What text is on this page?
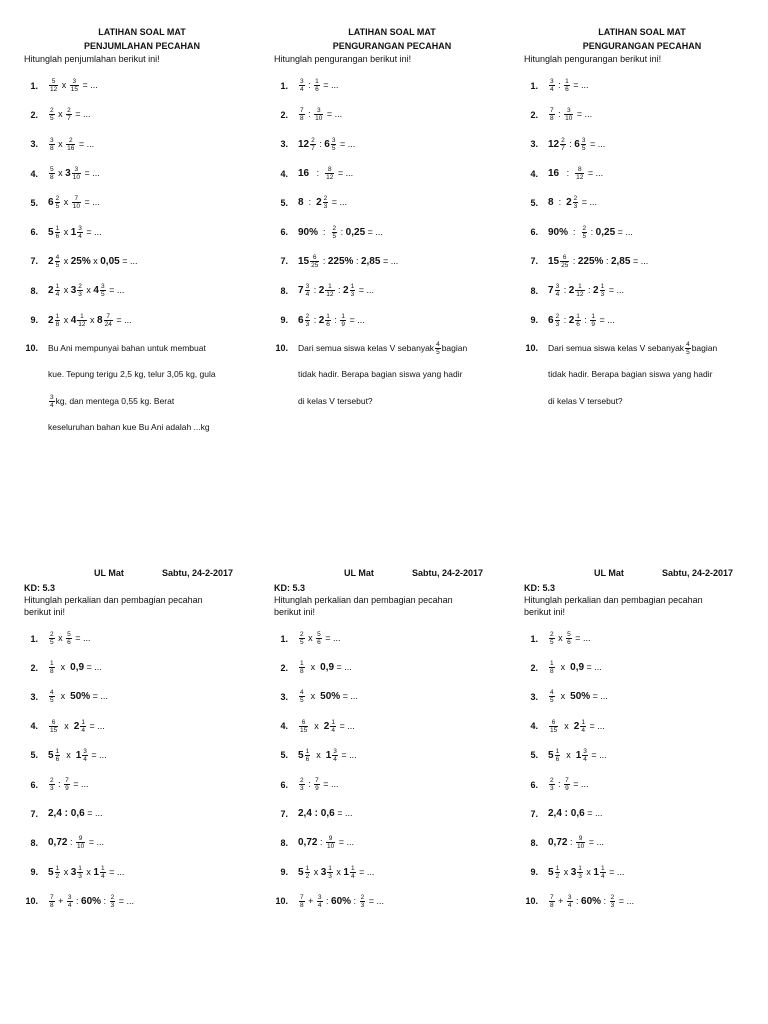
LATIHAN SOAL MAT
PENJUMLAHAN PECAHAN
Hitunglah penjumlahan berikut ini!
1.	$\frac{5}{12}$ x $\frac{3}{15}$ = ...
2.	$\frac{2}{5}$ x $\frac{2}{7}$ = ...
3.	$\frac{3}{8}$ x $\frac{2}{16}$ = ...
4.	$\frac{5}{8}$ x $3 \frac{3}{10}$ = ...
5.	$6 \frac{2}{5}$ x $\frac{7}{10}$ = ...
6.	$5 \frac{1}{6}$ x $1 \frac{3}{4}$ = ...
7.	$2 \frac{4}{5}$ x 25% x 0,05 = ...
8.	$2 \frac{1}{4}$ x $3 \frac{2}{3}$ x $4 \frac{3}{5}$ = ...
9.	$2 \frac{1}{8}$ x $4 \frac{1}{12}$ x $8 \frac{7}{24}$ = ...
10.	Bu Ani mempunyai bahan untuk membuat
kue. Tepung terigu 2,5 kg, telur 3,05 kg, gula
$\frac{3}{4}$ kg, dan mentega 0,55 kg. Berat
keseluruhan bahan kue Bu Ani adalah ...kg
LATIHAN SOAL MAT
PENGURANGAN PECAHAN
Hitunglah pengurangan berikut ini!
1.	$\frac{3}{4}$ : $\frac{1}{6}$ = ...
2.	$\frac{7}{8}$ : $\frac{3}{10}$ = ...
3.	$12 \frac{2}{7}$ : $6 \frac{3}{5}$ = ...
4.	16   : $\frac{8}{12}$ = ...
5.	8  :  $2 \frac{2}{3}$ = ...
6.	90%  : $\frac{2}{5}$ : 0,25 = ...
7.	$15 \frac{6}{25}$ : 225% : 2,85 = ...
8.	$7 \frac{3}{4}$ : $2 \frac{1}{12}$ : $2 \frac{1}{3}$ = ...
9.	$6 \frac{2}{3}$ : $2 \frac{1}{6}$ : $\frac{1}{9}$ = ...
10.	Dari semua siswa kelas V sebanyak $\frac{4}{5}$ bagian
tidak hadir. Berapa bagian siswa yang hadir
di kelas V tersebut?
LATIHAN SOAL MAT
PENGURANGAN PECAHAN
Hitunglah pengurangan berikut ini!
1.	$\frac{3}{4}$ : $\frac{1}{6}$ = ...
2.	$\frac{7}{8}$ : $\frac{3}{10}$ = ...
3.	$12 \frac{2}{7}$ : $6 \frac{3}{5}$ = ...
4.	16   : $\frac{8}{12}$ = ...
5.	8  :  $2 \frac{2}{3}$ = ...
6.	90%  : $\frac{2}{5}$ : 0,25 = ...
7.	$15 \frac{6}{25}$ : 225% : 2,85 = ...
8.	$7 \frac{3}{4}$ : $2 \frac{1}{12}$ : $2 \frac{1}{3}$ = ...
9.	$6 \frac{2}{3}$ : $2 \frac{1}{6}$ : $\frac{1}{9}$ = ...
10.	Dari semua siswa kelas V sebanyak $\frac{4}{5}$ bagian
tidak hadir. Berapa bagian siswa yang hadir
di kelas V tersebut?
UL Mat	Sabtu, 24-2-2017
KD: 5.3
Hitunglah perkalian dan pembagian pecahan berikut ini!
1.	$\frac{2}{5}$ x $\frac{5}{6}$ = ...
2.	$\frac{1}{8}$ x  0,9 = ...
3.	$\frac{4}{5}$ x  50% = ...
4.	$\frac{6}{15}$ x  $2 \frac{1}{4}$ = ...
5.	$5 \frac{1}{6}$ x  $1 \frac{3}{4}$ = ...
6.	$\frac{2}{3}$ : $\frac{7}{9}$ = ...
7.	2,4 : 0,6 = ...
8.	0,72 : $\frac{9}{10}$ = ...
9.	$5 \frac{1}{2}$ x $3 \frac{1}{3}$ x $1 \frac{1}{4}$ = ...
10.	$\frac{7}{8} + \frac{3}{4}$ : 60% : $\frac{2}{3}$ = ...
UL Mat	Sabtu, 24-2-2017
KD: 5.3
Hitunglah perkalian dan pembagian pecahan berikut ini!
1.	$\frac{2}{5}$ x $\frac{5}{6}$ = ...
2.	$\frac{1}{8}$ x  0,9 = ...
3.	$\frac{4}{5}$ x  50% = ...
4.	$\frac{6}{15}$ x  $2 \frac{1}{4}$ = ...
5.	$5 \frac{1}{6}$ x  $1 \frac{3}{4}$ = ...
6.	$\frac{2}{3}$ : $\frac{7}{9}$ = ...
7.	2,4 : 0,6 = ...
8.	0,72 : $\frac{9}{10}$ = ...
9.	$5 \frac{1}{2}$ x $3 \frac{1}{3}$ x $1 \frac{1}{4}$ = ...
10.	$\frac{7}{8} + \frac{3}{4}$ : 60% : $\frac{2}{3}$ = ...
UL Mat	Sabtu, 24-2-2017
KD: 5.3
Hitunglah perkalian dan pembagian pecahan berikut ini!
1.	$\frac{2}{5}$ x $\frac{5}{6}$ = ...
2.	$\frac{1}{8}$ x  0,9 = ...
3.	$\frac{4}{5}$ x  50% = ...
4.	$\frac{6}{15}$ x  $2 \frac{1}{4}$ = ...
5.	$5 \frac{1}{6}$ x  $1 \frac{3}{4}$ = ...
6.	$\frac{2}{3}$ : $\frac{7}{9}$ = ...
7.	2,4 : 0,6 = ...
8.	0,72 : $\frac{9}{10}$ = ...
9.	$5 \frac{1}{2}$ x $3 \frac{1}{3}$ x $1 \frac{1}{4}$ = ...
10.	$\frac{7}{8} + \frac{3}{4}$ : 60% : $\frac{2}{3}$ = ...
